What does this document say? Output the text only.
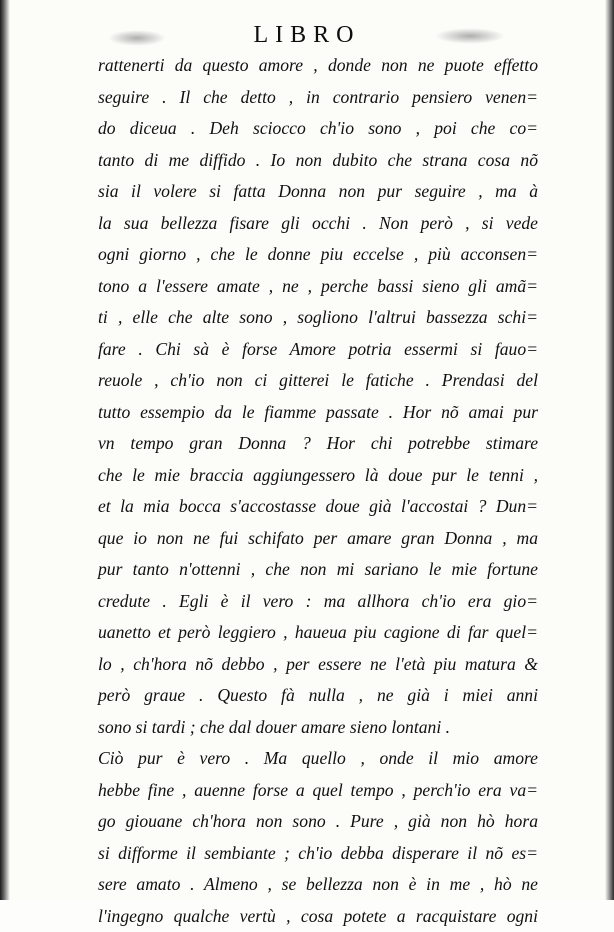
LIBRO
rattenerti da questo amore , donde non ne puote effetto
seguire . Il che detto , in contrario pensiero venen=
do diceua . Deh sciocco ch'io sono , poi che co=
tanto di me diffido . Io non dubito che strana cosa nõ
sia il volere si fatta Donna non pur seguire , ma à
la sua bellezza fisare gli occhi . Non però , si vede
ogni giorno , che le donne piu eccelse , più acconsen=
tono a l'essere amate , ne , perche bassi sieno gli amã=
ti , elle che alte sono , sogliono l'altrui bassezza schi=
fare . Chi sà è forse Amore potria essermi si fauo=
reuole , ch'io non ci gitterei le fatiche . Prendasi del
tutto essempio da le fiamme passate . Hor nõ amai pur
vn tempo gran Donna ? Hor chi potrebbe stimare
che le mie braccia aggiungessero là doue pur le tenni ,
et la mia bocca s'accostasse doue già l'accostai ? Dun=
que io non ne fui schifato per amare gran Donna , ma
pur tanto n'ottenni , che non mi sariano le mie fortune
credute . Egli è il vero : ma allhora ch'io era gio=
uanetto et però leggiero , haueua piu cagione di far quel=
lo , ch'hora nõ debbo , per essere ne l'età piu matura &
però graue . Questo fà nulla , ne già i miei anni
sono si tardi ; che dal douer amare sieno lontani .
Ciò pur è vero . Ma quello , onde il mio amore
hebbe fine , auenne forse a quel tempo , perch'io era va=
go giouane ch'hora non sono . Pure , già non hò hora
si difforme il sembiante ; ch'io debba disperare il nõ es=
sere amato . Almeno , se bellezza non è in me , hò ne
l'ingegno qualche vertù , cosa potete a racquistare ogni
